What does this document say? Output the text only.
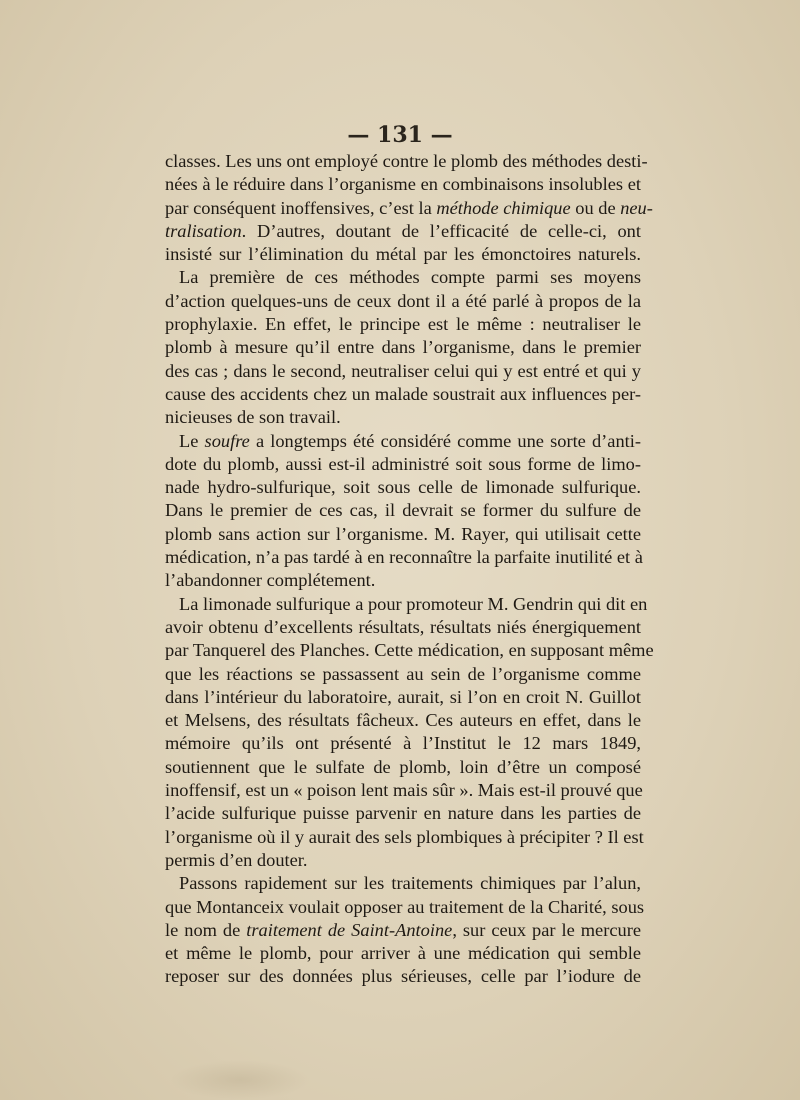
— 131 —
classes. Les uns ont employé contre le plomb des méthodes desti-
nées à le réduire dans l’organisme en combinaisons insolubles et
par conséquent inoffensives, c’est la méthode chimique ou de neu-
tralisation. D’autres, doutant de l’efficacité de celle-ci, ont
insisté sur l’élimination du métal par les émonctoires naturels.
La première de ces méthodes compte parmi ses moyens
d’action quelques-uns de ceux dont il a été parlé à propos de la
prophylaxie. En effet, le principe est le même : neutraliser le
plomb à mesure qu’il entre dans l’organisme, dans le premier
des cas ; dans le second, neutraliser celui qui y est entré et qui y
cause des accidents chez un malade soustrait aux influences per-
nicieuses de son travail.
Le soufre a longtemps été considéré comme une sorte d’anti-
dote du plomb, aussi est-il administré soit sous forme de limo-
nade hydro-sulfurique, soit sous celle de limonade sulfurique.
Dans le premier de ces cas, il devrait se former du sulfure de
plomb sans action sur l’organisme. M. Rayer, qui utilisait cette
médication, n’a pas tardé à en reconnaître la parfaite inutilité et à
l’abandonner complétement.
La limonade sulfurique a pour promoteur M. Gendrin qui dit en
avoir obtenu d’excellents résultats, résultats niés énergiquement
par Tanquerel des Planches. Cette médication, en supposant même
que les réactions se passassent au sein de l’organisme comme
dans l’intérieur du laboratoire, aurait, si l’on en croit N. Guillot
et Melsens, des résultats fâcheux. Ces auteurs en effet, dans le
mémoire qu’ils ont présenté à l’Institut le 12 mars 1849,
soutiennent que le sulfate de plomb, loin d’être un composé
inoffensif, est un « poison lent mais sûr ». Mais est-il prouvé que
l’acide sulfurique puisse parvenir en nature dans les parties de
l’organisme où il y aurait des sels plombiques à précipiter ? Il est
permis d’en douter.
Passons rapidement sur les traitements chimiques par l’alun,
que Montanceix voulait opposer au traitement de la Charité, sous
le nom de traitement de Saint-Antoine, sur ceux par le mercure
et même le plomb, pour arriver à une médication qui semble
reposer sur des données plus sérieuses, celle par l’iodure de
